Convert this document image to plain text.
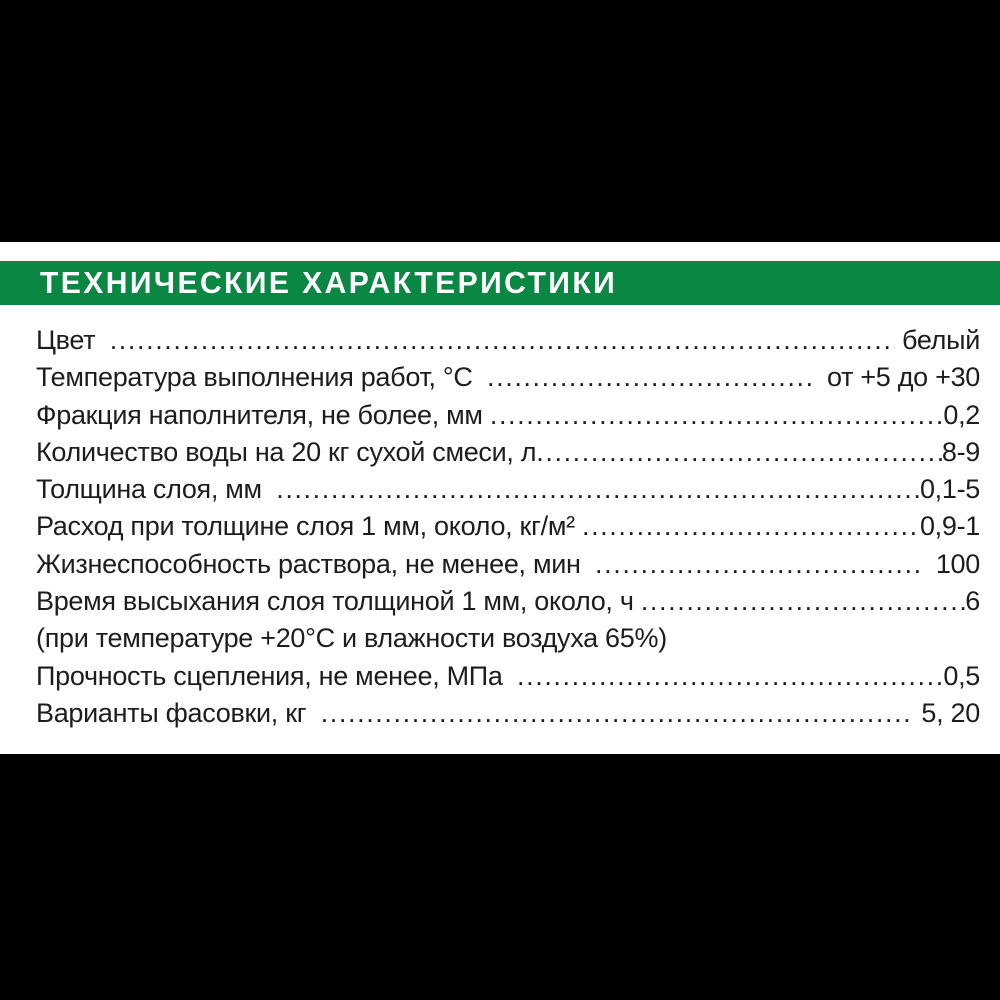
ТЕХНИЧЕСКИЕ ХАРАКТЕРИСТИКИ
Цвет .....	белый
Температура выполнения работ, °С .....	от +5 до +30
Фракция наполнителя, не более, мм .....	0,2
Количество воды на 20 кг сухой смеси, л .....	8-9
Толщина слоя, мм .....	0,1-5
Расход при толщине слоя 1 мм, около, кг/м² .....	0,9-1
Жизнеспособность раствора, не менее, мин .....	100
Время высыхания слоя толщиной 1 мм, около, ч .....	6
(при температуре +20°С и влажности воздуха 65%)
Прочность сцепления, не менее, МПа .....	0,5
Варианты фасовки, кг .....	5, 20
